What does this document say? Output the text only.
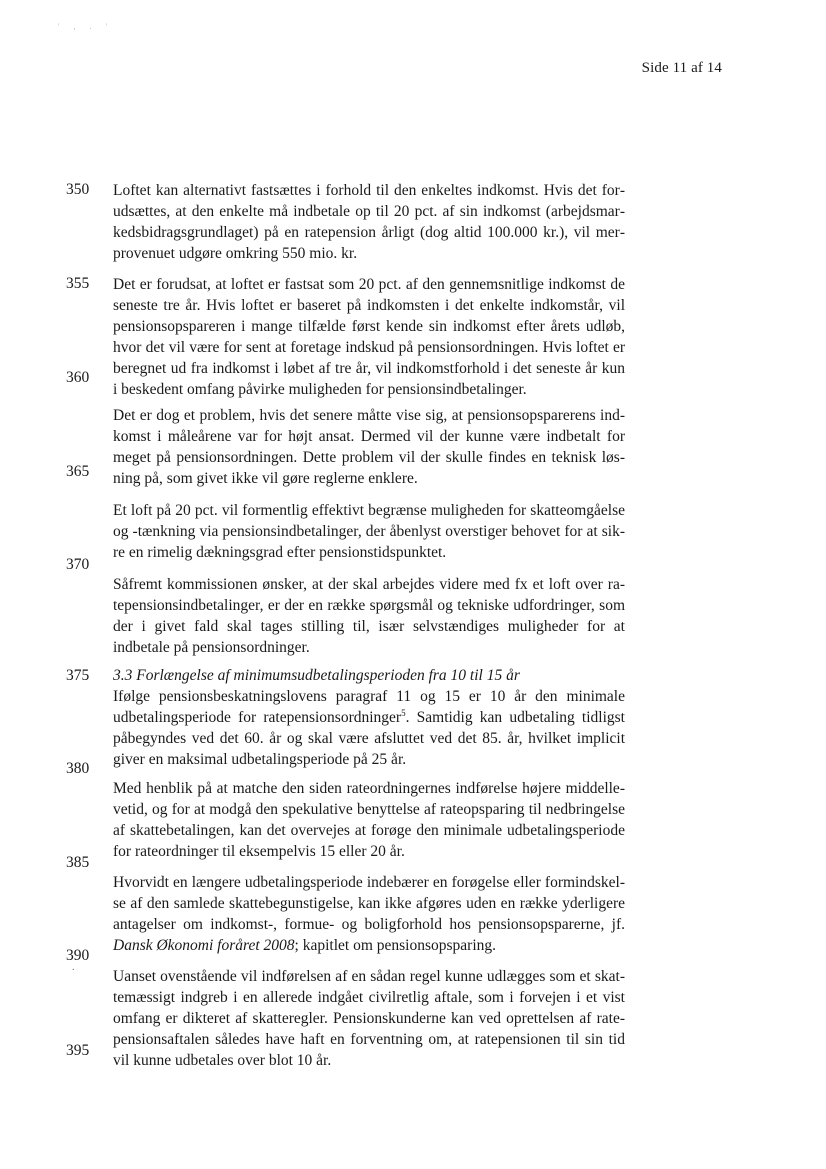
' , . '
Side 11 af 14
350
355
360
365
370
375
380
385
390
395
.

Loftet kan alternativt fastsættes i forhold til den enkeltes indkomst. Hvis det forudsættes, at den enkelte må indbetale op til 20 pct. af sin indkomst (arbejdsmarkedsbidragsgrundlaget) på en ratepension årligt (dog altid 100.000 kr.), vil merprovenuet udgøre omkring 550 mio. kr.

Det er forudsat, at loftet er fastsat som 20 pct. af den gennemsnitlige indkomst de seneste tre år. Hvis loftet er baseret på indkomsten i det enkelte indkomstår, vil pensionsopspareren i mange tilfælde først kende sin indkomst efter årets udløb, hvor det vil være for sent at foretage indskud på pensionsordningen. Hvis loftet er beregnet ud fra indkomst i løbet af tre år, vil indkomstforhold i det seneste år kun i beskedent omfang påvirke muligheden for pensionsindbetalinger.

Det er dog et problem, hvis det senere måtte vise sig, at pensionsopsparerens indkomst i måleårene var for højt ansat. Dermed vil der kunne være indbetalt for meget på pensionsordningen. Dette problem vil der skulle findes en teknisk løsning på, som givet ikke vil gøre reglerne enklere.

Et loft på 20 pct. vil formentlig effektivt begrænse muligheden for skatteomgåelse og -tænkning via pensionsindbetalinger, der åbenlyst overstiger behovet for at sikre en rimelig dækningsgrad efter pensionstidspunktet.

Såfremt kommissionen ønsker, at der skal arbejdes videre med fx et loft over ratepensionsindbetalinger, er der en række spørgsmål og tekniske udfordringer, som der i givet fald skal tages stilling til, især selvstændiges muligheder for at indbetale på pensionsordninger.

3.3 Forlængelse af minimumsudbetalingsperioden fra 10 til 15 år

Ifølge pensionsbeskatningslovens paragraf 11 og 15 er 10 år den minimale udbetalingsperiode for ratepensionsordninger$^5$. Samtidig kan udbetaling tidligst påbegyndes ved det 60. år og skal være afsluttet ved det 85. år, hvilket implicit giver en maksimal udbetalingsperiode på 25 år.

Med henblik på at matche den siden rateordningernes indførelse højere middellevetid, og for at modgå den spekulative benyttelse af rateopsparing til nedbringelse af skattebetalingen, kan det overvejes at forøge den minimale udbetalingsperiode for rateordninger til eksempelvis 15 eller 20 år.

Hvorvidt en længere udbetalingsperiode indebærer en forøgelse eller formindskelse af den samlede skattebegunstigelse, kan ikke afgøres uden en række yderligere antagelser om indkomst-, formue- og boligforhold hos pensionsopsparerne, jf. Dansk Økonomi foråret 2008; kapitlet om pensionsopsparing.

Uanset ovenstående vil indførelsen af en sådan regel kunne udlægges som et skattemæssigt indgreb i en allerede indgået civilretlig aftale, som i forvejen i et vist omfang er dikteret af skatteregler. Pensionskunderne kan ved oprettelsen af ratepensionsaftalen således have haft en forventning om, at ratepensionen til sin tid vil kunne udbetales over blot 10 år.
